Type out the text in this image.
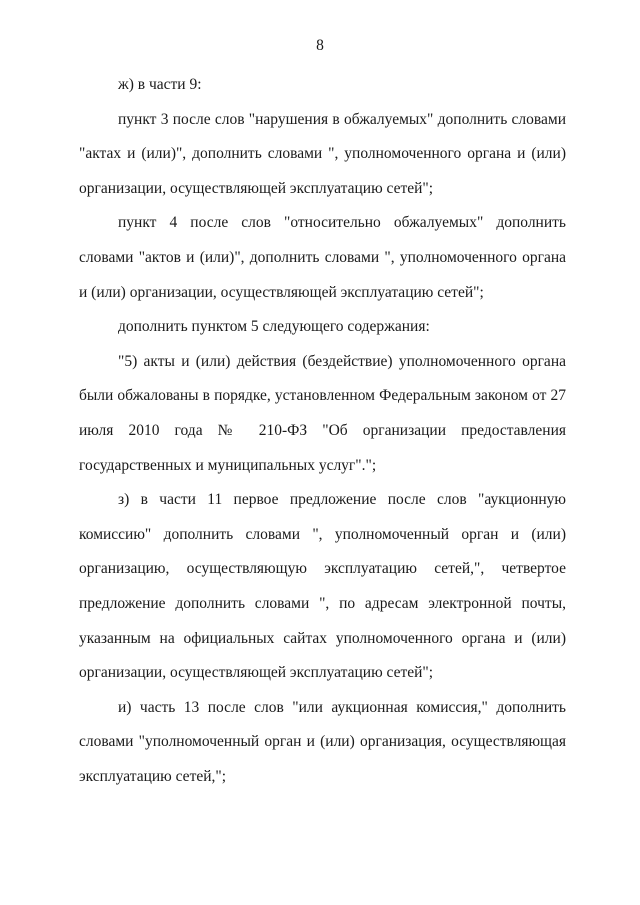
8

ж) в части 9:

пункт 3 после слов "нарушения в обжалуемых" дополнить словами "актах и (или)", дополнить словами ", уполномоченного органа и (или) организации, осуществляющей эксплуатацию сетей";

пункт 4 после слов "относительно обжалуемых" дополнить словами "актов и (или)", дополнить словами ", уполномоченного органа и (или) организации, осуществляющей эксплуатацию сетей";

дополнить пунктом 5 следующего содержания:

"5) акты и (или) действия (бездействие) уполномоченного органа были обжалованы в порядке, установленном Федеральным законом от 27 июля 2010 года № 210-ФЗ "Об организации предоставления государственных и муниципальных услуг".";

з) в части 11 первое предложение после слов "аукционную комиссию" дополнить словами ", уполномоченный орган и (или) организацию, осуществляющую эксплуатацию сетей,", четвертое предложение дополнить словами ", по адресам электронной почты, указанным на официальных сайтах уполномоченного органа и (или) организации, осуществляющей эксплуатацию сетей";

и) часть 13 после слов "или аукционная комиссия," дополнить словами "уполномоченный орган и (или) организация, осуществляющая эксплуатацию сетей,";
